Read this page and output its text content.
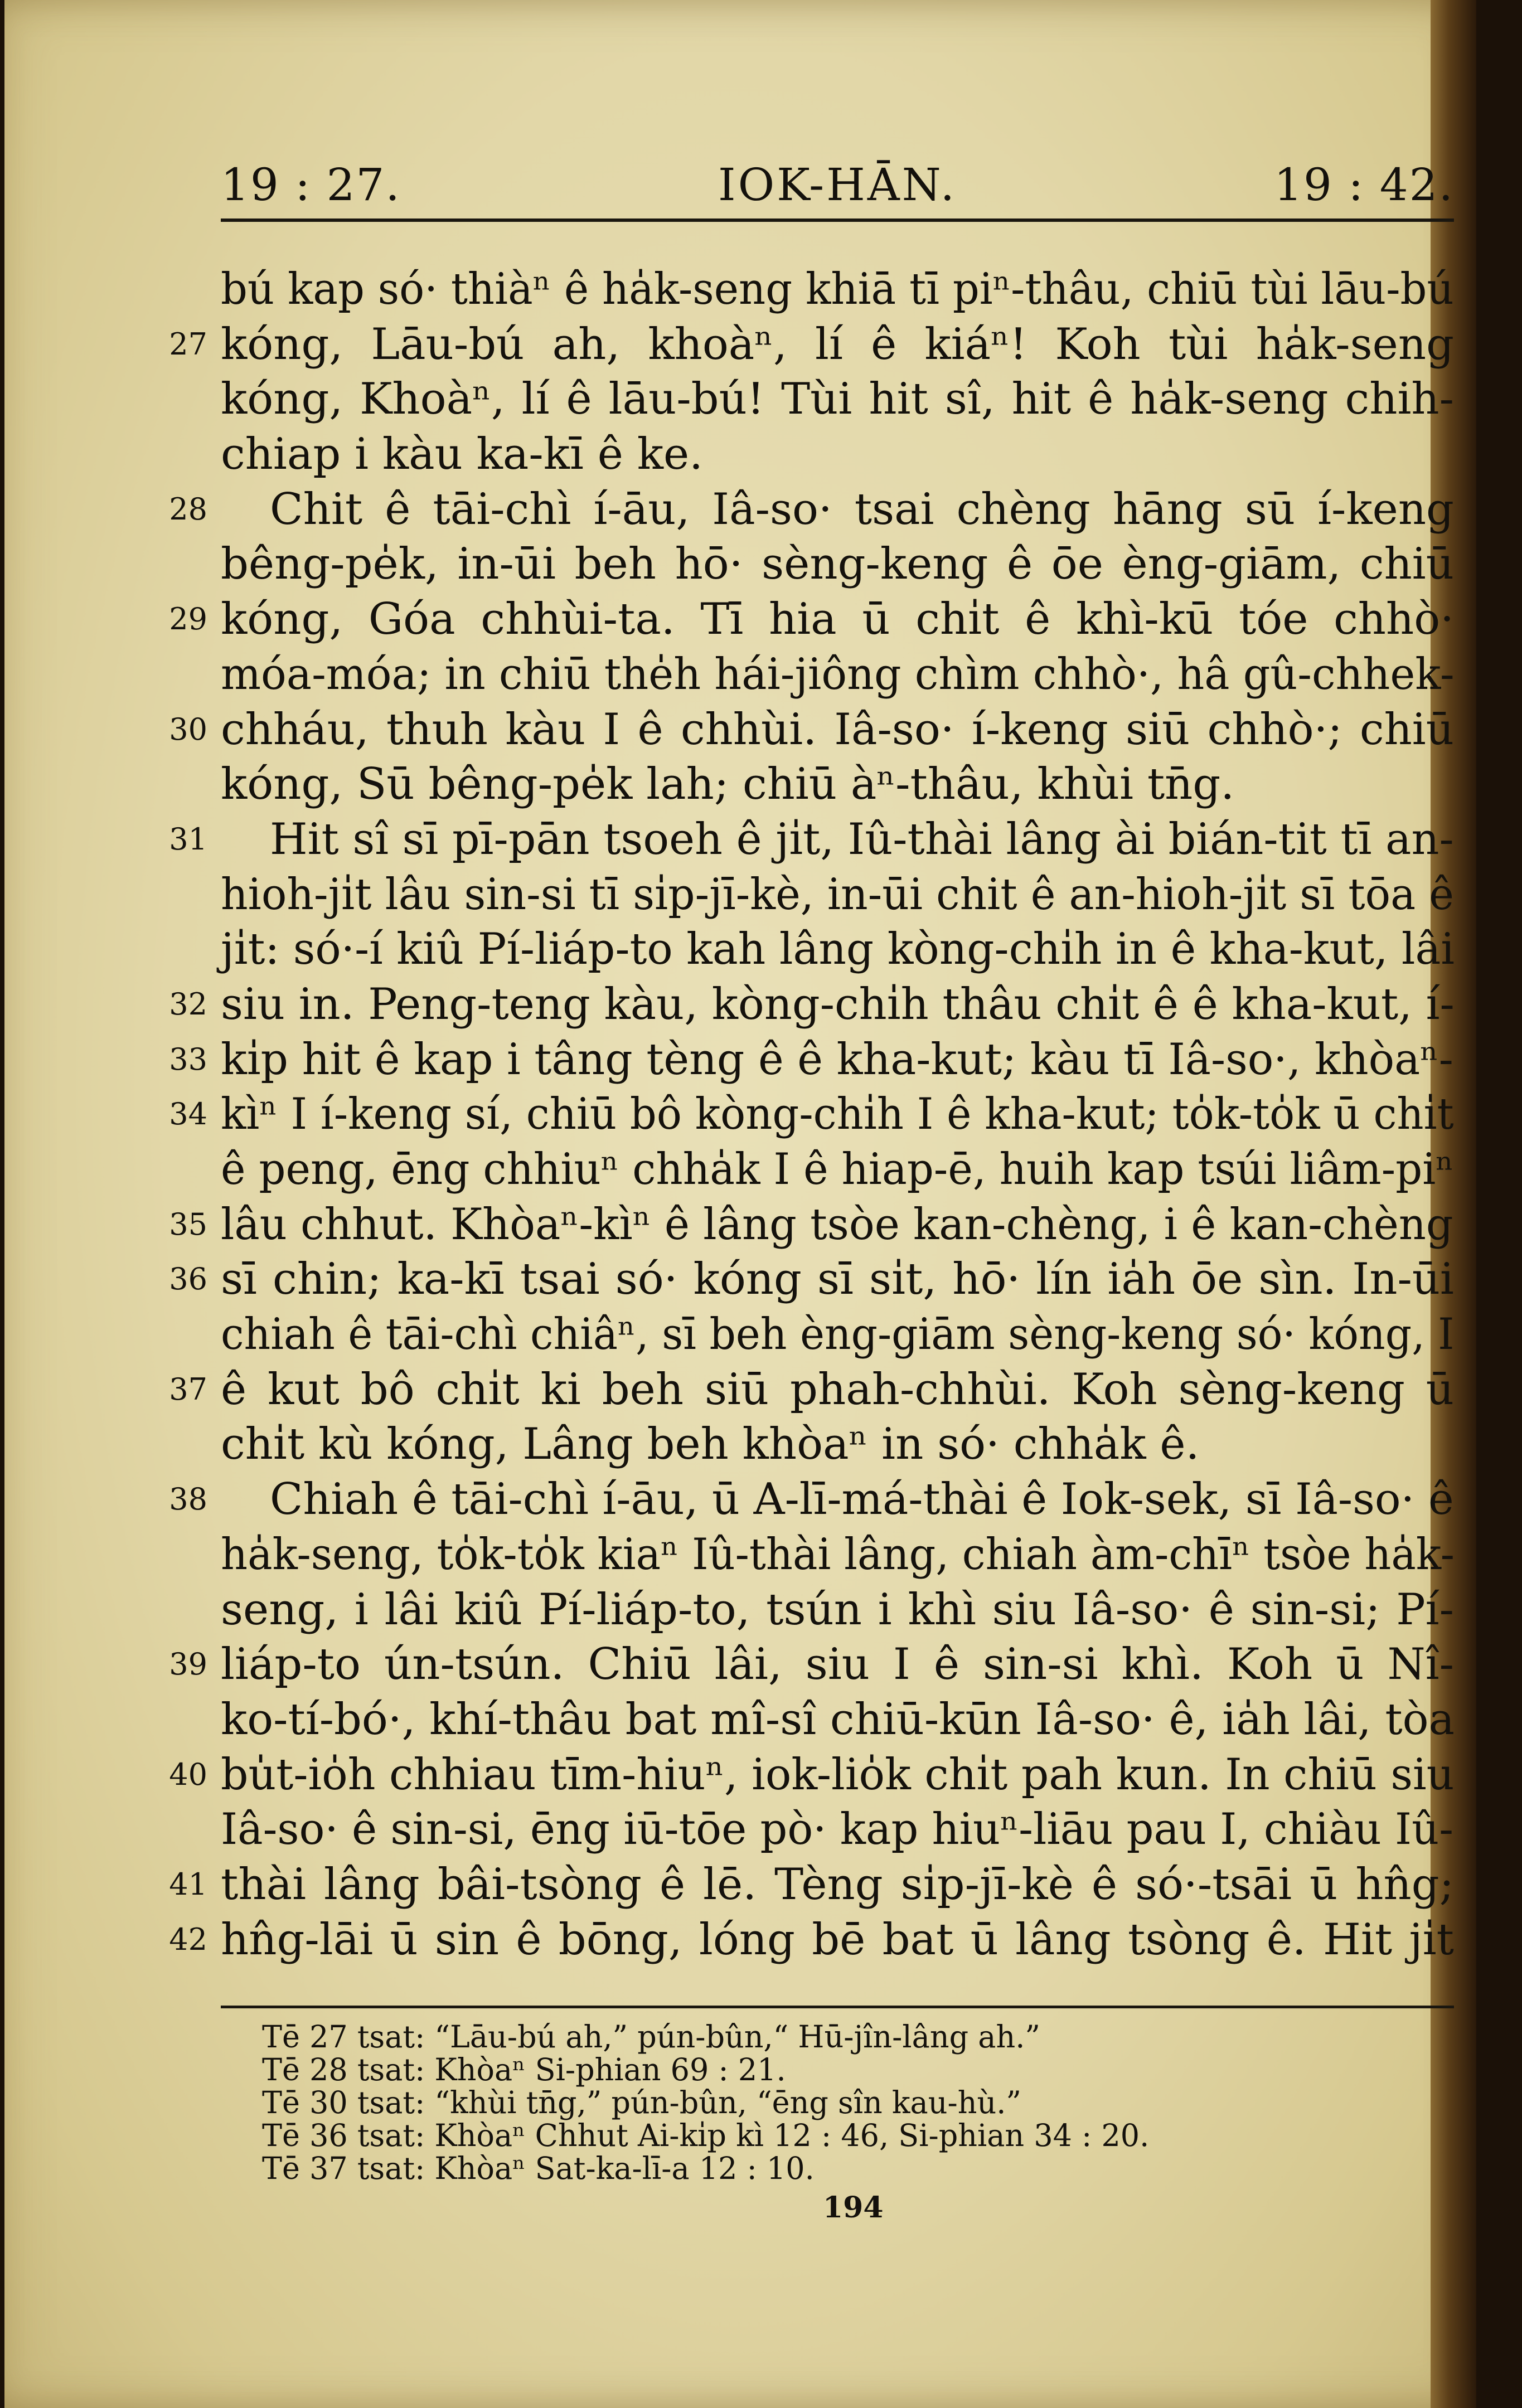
19 : 27.	IOK-HĀN.	19 : 42.
bú kap só· thiàⁿ ê ha̍k-seng khiā tī piⁿ-thâu, chiū tùi lāu-bú
27 kóng, Lāu-bú ah, khoàⁿ, lí ê kiáⁿ! Koh tùi ha̍k-seng
kóng, Khoàⁿ, lí ê lāu-bú! Tùi hit sî, hit ê ha̍k-seng chih-
chiap i kàu ka-kī ê ke.
28 Chit ê tāi-chì í-āu, Iâ-so· tsai chèng hāng sū í-keng
bêng-pe̍k, in-ūi beh hō· sèng-keng ê ōe èng-giām, chiū
29 kóng, Góa chhùi-ta. Tī hia ū chi̍t ê khì-kū tóe chhò·
móa-móa; in chiū the̍h hái-jiông chìm chhò·, hâ gû-chhek-
30 chháu, thuh kàu I ê chhùi. Iâ-so· í-keng siū chhò·; chiū
kóng, Sū bêng-pe̍k lah; chiū àⁿ-thâu, khùi tn̄g.
31 Hit sî sī pī-pān tsoeh ê ji̍t, Iû-thài lâng ài bián-tit tī an-
hioh-ji̍t lâu sin-si tī si̍p-jī-kè, in-ūi chit ê an-hioh-ji̍t sī tōa ê
ji̍t: só·-í kiû Pí-liáp-to kah lâng kòng-chi̍h in ê kha-kut, lâi
32 siu in. Peng-teng kàu, kòng-chi̍h thâu chi̍t ê ê kha-kut, í-
33 ki̍p hit ê kap i tâng tèng ê ê kha-kut; kàu tī Iâ-so·, khòaⁿ-
34 kìⁿ I í-keng sí, chiū bô kòng-chi̍h I ê kha-kut; to̍k-to̍k ū chi̍t
ê peng, ēng chhiuⁿ chha̍k I ê hiap-ē, huih kap tsúi liâm-piⁿ
35 lâu chhut. Khòaⁿ-kìⁿ ê lâng tsòe kan-chèng, i ê kan-chèng
36 sī chin; ka-kī tsai só· kóng sī si̍t, hō· lín ia̍h ōe sìn. In-ūi
chiah ê tāi-chì chiâⁿ, sī beh èng-giām sèng-keng só· kóng, I
37 ê kut bô chi̍t ki beh siū phah-chhùi. Koh sèng-keng ū
chi̍t kù kóng, Lâng beh khòaⁿ in só· chha̍k ê.
38 Chiah ê tāi-chì í-āu, ū A-lī-má-thài ê Iok-sek, sī Iâ-so· ê
ha̍k-seng, to̍k-to̍k kiaⁿ Iû-thài lâng, chiah àm-chīⁿ tsòe ha̍k-
seng, i lâi kiû Pí-liáp-to, tsún i khì siu Iâ-so· ê sin-si; Pí-
39 liáp-to ún-tsún. Chiū lâi, siu I ê sin-si khì. Koh ū Nî-
ko-tí-bó·, khí-thâu bat mî-sî chiū-kūn Iâ-so· ê, ia̍h lâi, tòa
40 bu̍t-io̍h chhiau tīm-hiuⁿ, iok-lio̍k chi̍t pah kun. In chiū siu
Iâ-so· ê sin-si, ēng iū-tōe pò· kap hiuⁿ-liāu pau I, chiàu Iû-
41 thài lâng bâi-tsòng ê lē. Tèng si̍p-jī-kè ê só·-tsāi ū hn̂g;
42 hn̂g-lāi ū sin ê bōng, lóng bē bat ū lâng tsòng ê. Hit ji̍t
Tē 27 tsat: “Lāu-bú ah,” pún-bûn,“ Hū-jîn-lâng ah.”
Tē 28 tsat: Khòaⁿ Si-phian 69 : 21.
Tē 30 tsat: “khùi tn̄g,” pún-bûn, “ēng sîn kau-hù.”
Tē 36 tsat: Khòaⁿ Chhut Ai-ki̍p kì 12 : 46, Si-phian 34 : 20.
Tē 37 tsat: Khòaⁿ Sat-ka-lī-a 12 : 10.
194
